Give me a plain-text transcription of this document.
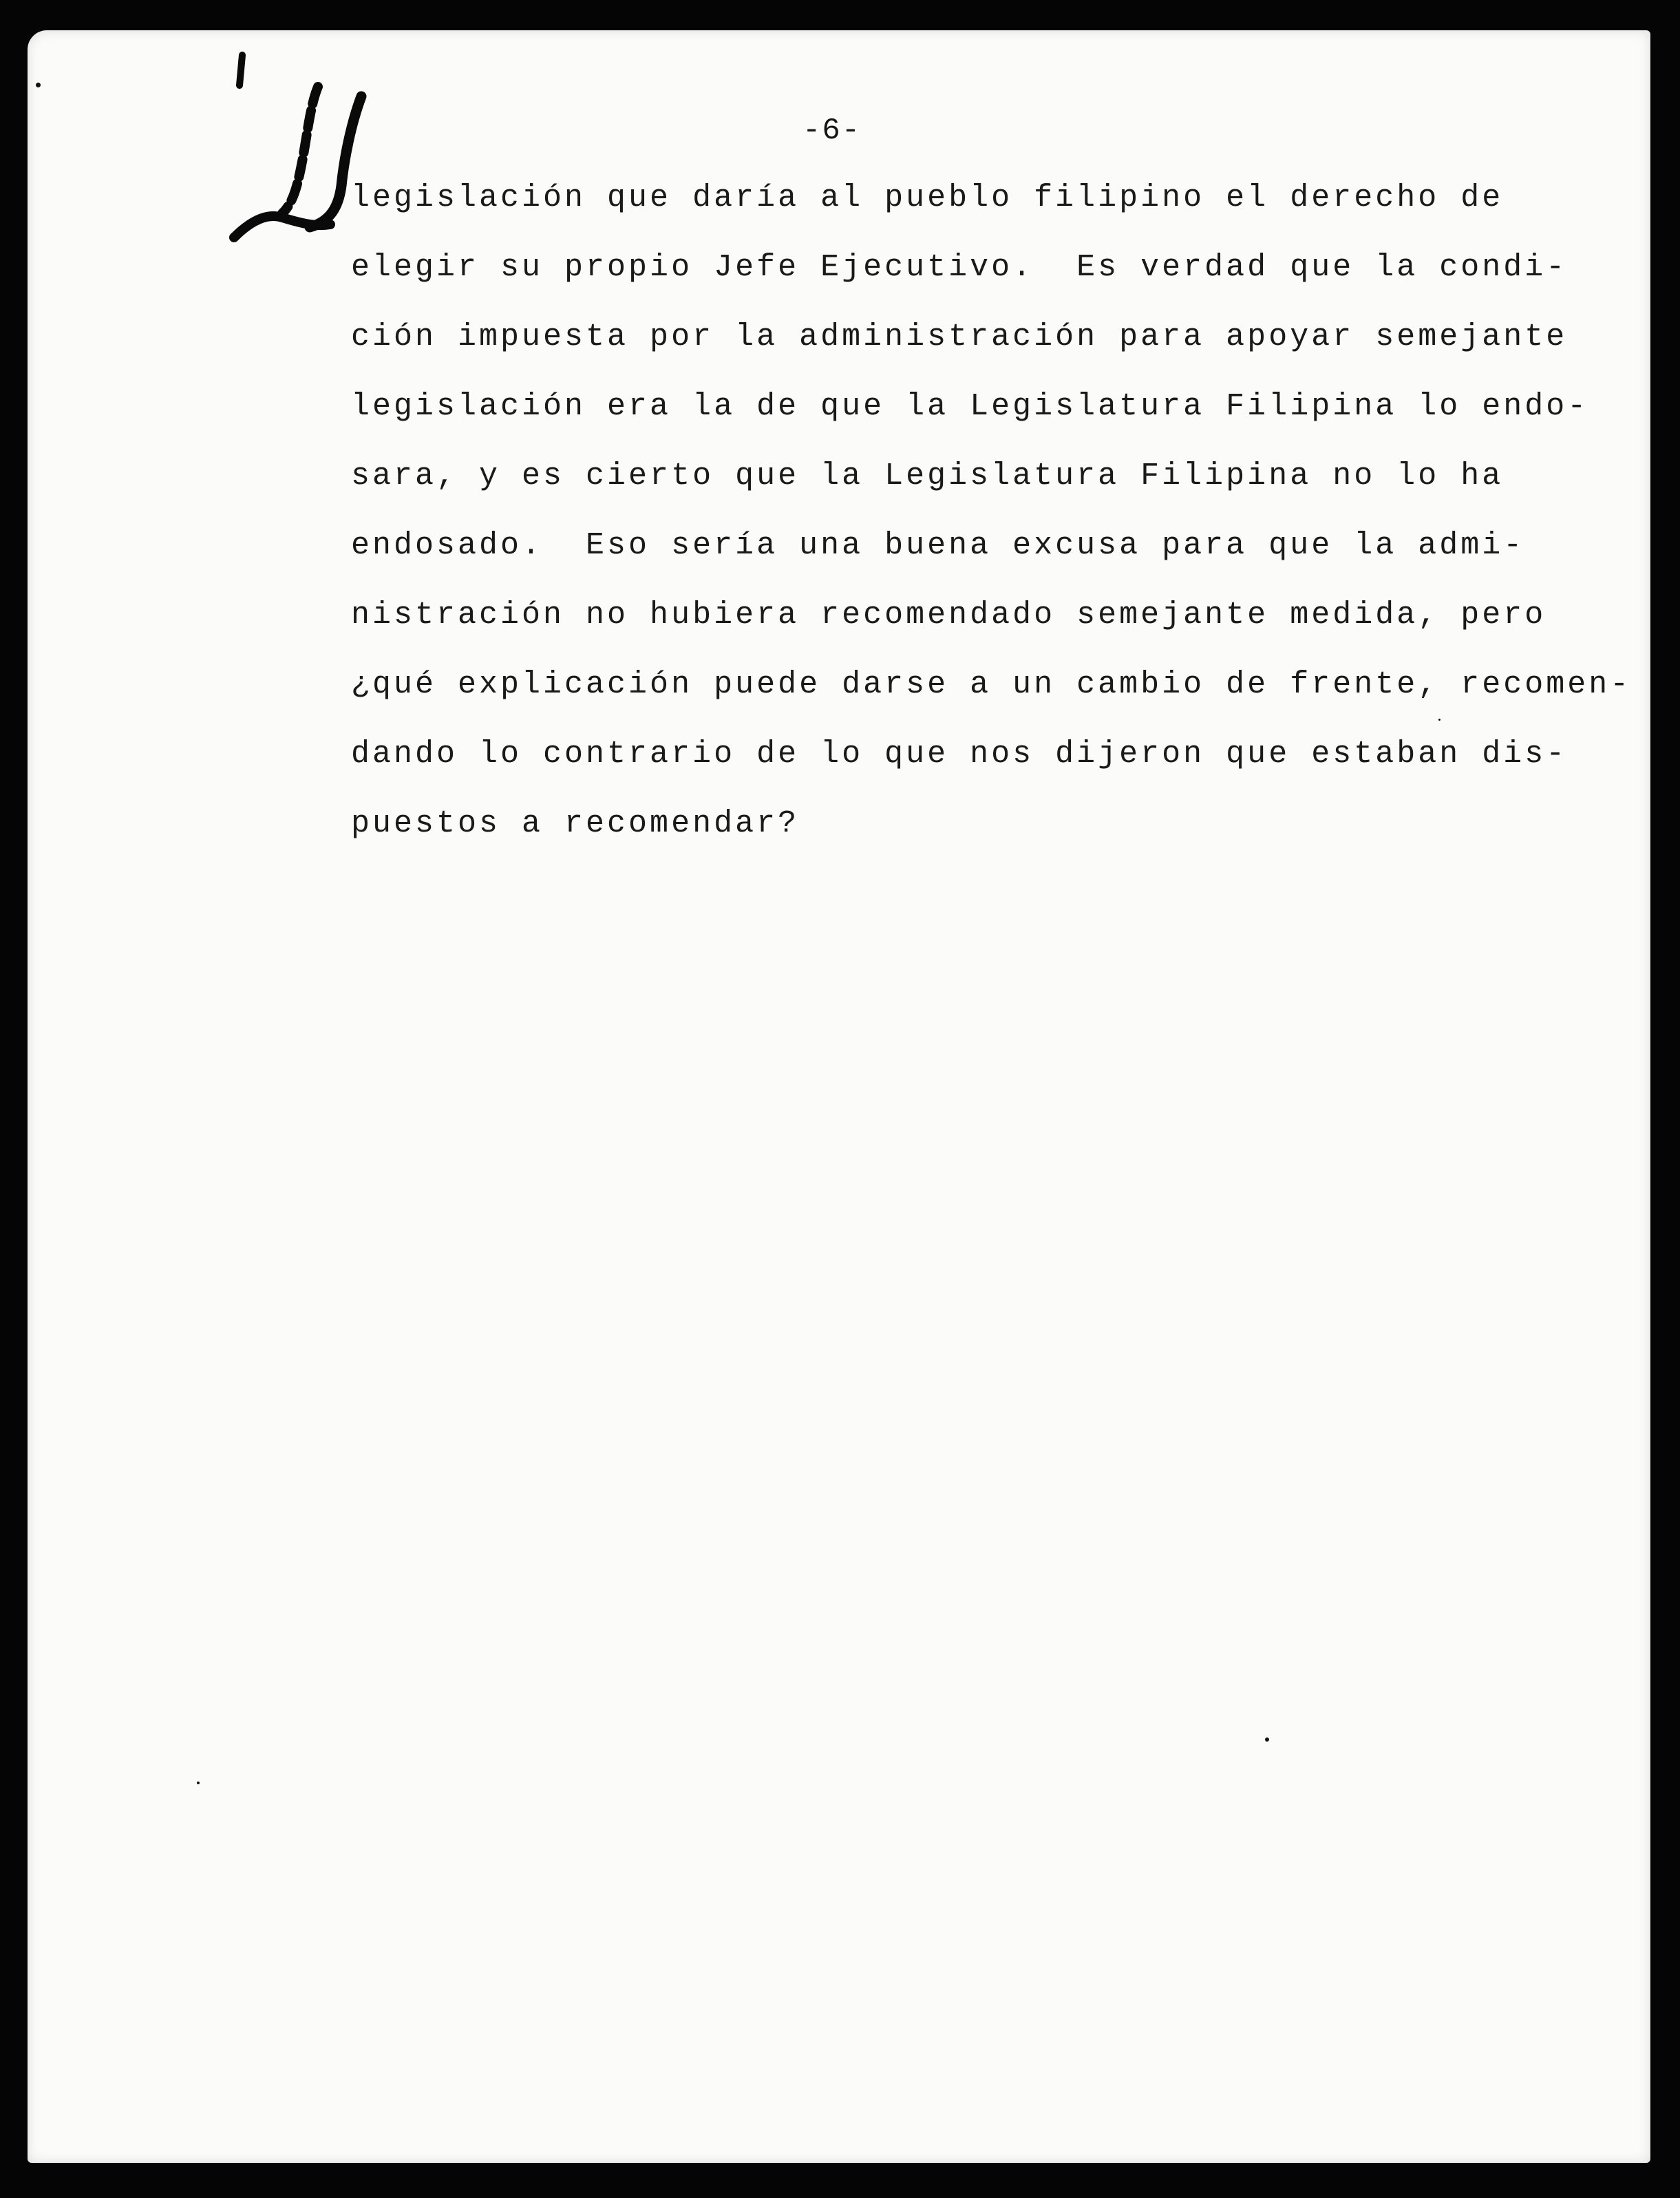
-6-
legislación que daría al pueblo filipino el derecho de
elegir su propio Jefe Ejecutivo.  Es verdad que la condi-
ción impuesta por la administración para apoyar semejante
legislación era la de que la Legislatura Filipina lo endo-
sara, y es cierto que la Legislatura Filipina no lo ha
endosado.  Eso sería una buena excusa para que la admi-
nistración no hubiera recomendado semejante medida, pero
¿qué explicación puede darse a un cambio de frente, recomen-
dando lo contrario de lo que nos dijeron que estaban dis-
puestos a recomendar?
